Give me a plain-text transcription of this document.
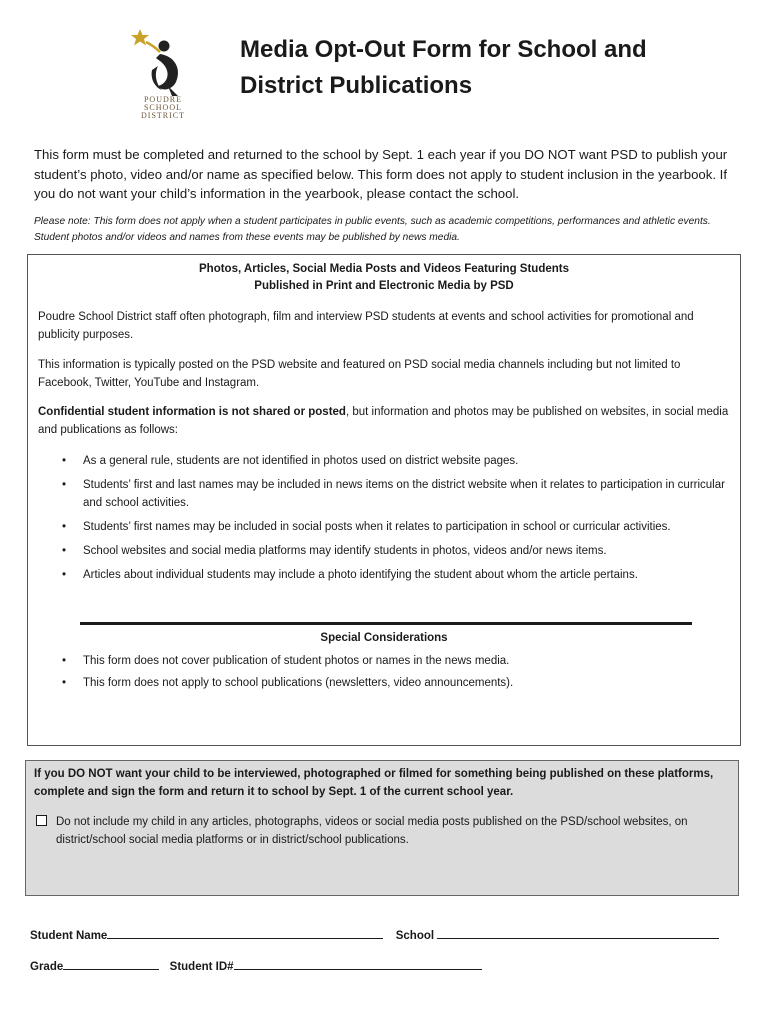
POUDRE
SCHOOL
DISTRICT
Media Opt-Out Form for School and
District Publications

This form must be completed and returned to the school by Sept. 1 each year if you DO NOT want PSD to publish your student’s photo, video and/or name as specified below. This form does not apply to student inclusion in the yearbook. If you do not want your child’s information in the yearbook, please contact the school.

Please note: This form does not apply when a student participates in public events, such as academic competitions, performances and athletic events. Student photos and/or videos and names from these events may be published by news media.

Photos, Articles, Social Media Posts and Videos Featuring Students
Published in Print and Electronic Media by PSD

Poudre School District staff often photograph, film and interview PSD students at events and school activities for promotional and publicity purposes.

This information is typically posted on the PSD website and featured on PSD social media channels including but not limited to Facebook, Twitter, YouTube and Instagram.

Confidential student information is not shared or posted, but information and photos may be published on websites, in social media and publications as follows:

• As a general rule, students are not identified in photos used on district website pages.
• Students’ first and last names may be included in news items on the district website when it relates to participation in curricular and school activities.
• Students’ first names may be included in social posts when it relates to participation in school or curricular activities.
• School websites and social media platforms may identify students in photos, videos and/or news items.
• Articles about individual students may include a photo identifying the student about whom the article pertains.
Special Considerations
• This form does not cover publication of student photos or names in the news media.
• This form does not apply to school publications (newsletters, video announcements).

If you DO NOT want your child to be interviewed, photographed or filmed for something being published on these platforms, complete and sign the form and return it to school by Sept. 1 of the current school year.

Do not include my child in any articles, photographs, videos or social media posts published on the PSD/school websites, on district/school social media platforms or in district/school publications.

Student Name	School
Grade	Student ID#
